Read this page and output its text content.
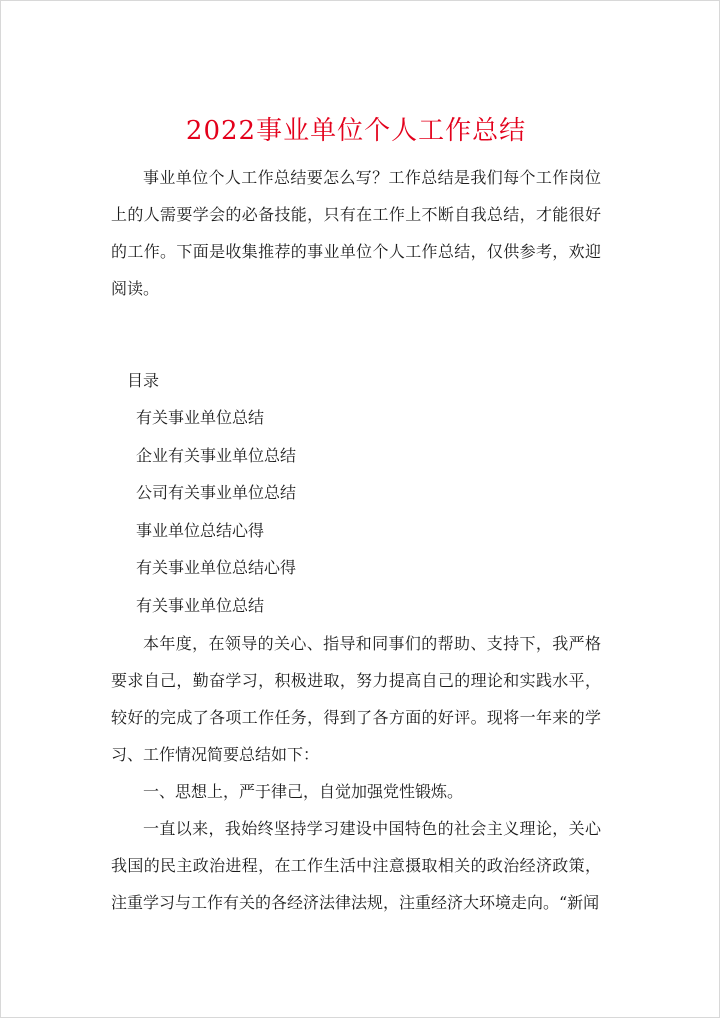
2022事业单位个人工作总结

事业单位个人工作总结要怎么写？工作总结是我们每个工作岗位上的人需要学会的必备技能，只有在工作上不断自我总结，才能很好的工作。下面是收集推荐的事业单位个人工作总结，仅供参考，欢迎阅读。

目录
有关事业单位总结
企业有关事业单位总结
公司有关事业单位总结
事业单位总结心得
有关事业单位总结心得
有关事业单位总结

本年度，在领导的关心、指导和同事们的帮助、支持下，我严格要求自己，勤奋学习，积极进取，努力提高自己的理论和实践水平，较好的完成了各项工作任务，得到了各方面的好评。现将一年来的学习、工作情况简要总结如下：

一、思想上，严于律己，自觉加强党性锻炼。

一直以来，我始终坚持学习建设中国特色的社会主义理论，关心我国的民主政治进程，在工作生活中注意摄取相关的政治经济政策，注重学习与工作有关的各经济法律法规，注重经济大环境走向。“新闻
